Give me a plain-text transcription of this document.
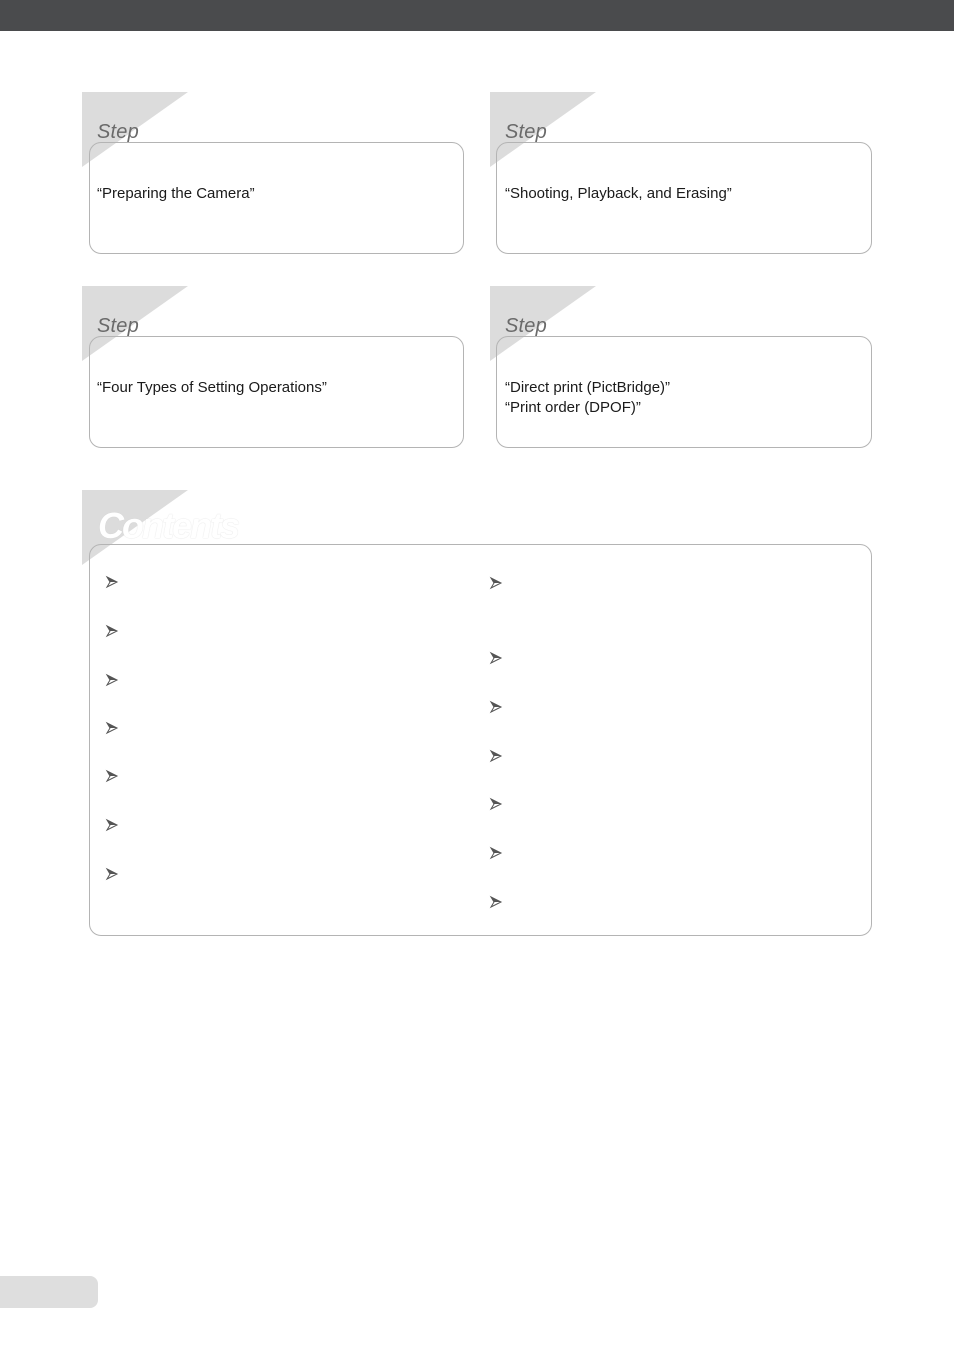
Step
“Preparing the Camera”
Step
“Shooting, Playback, and Erasing”
Step
“Four Types of Setting Operations”
Step
“Direct print (PictBridge)”
“Print order (DPOF)”
Contents
